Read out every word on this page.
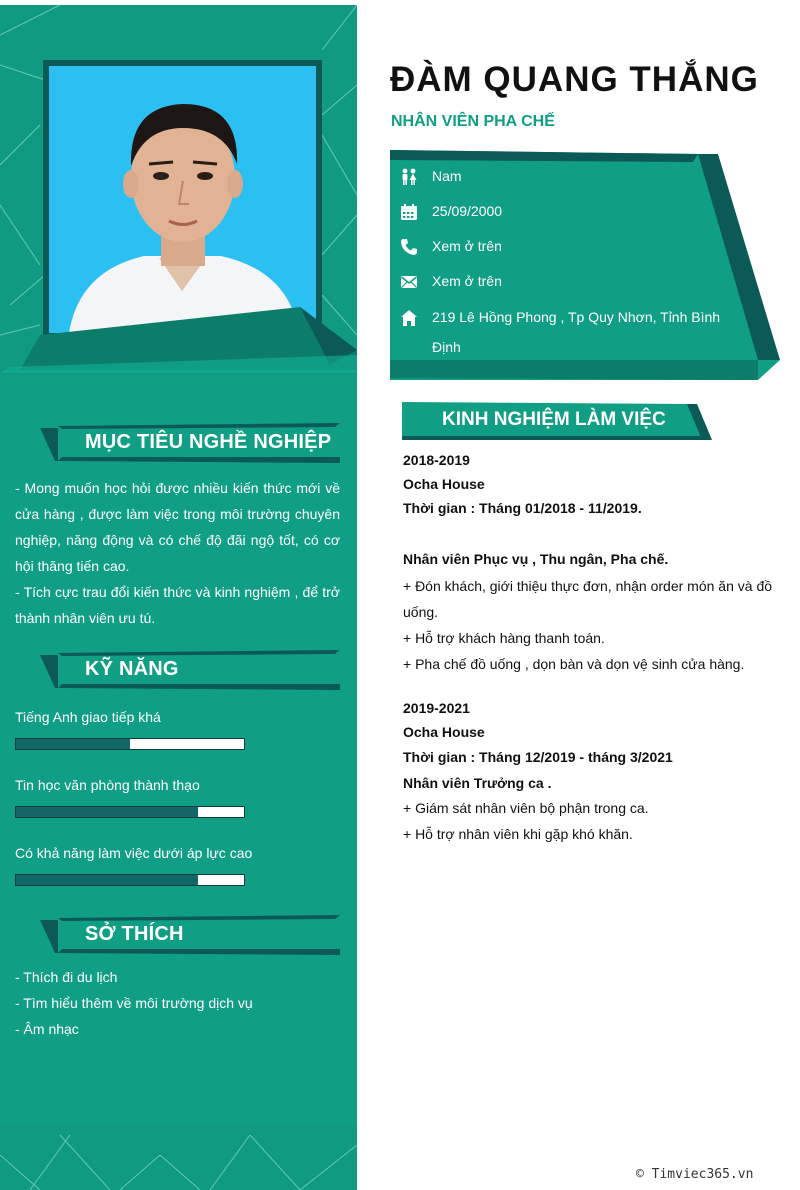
MỤC TIÊU NGHỀ NGHIỆP

- Mong muốn học hỏi được nhiều kiến thức mới về cửa hàng , được làm việc trong môi trường chuyên nghiệp, năng động và có chế độ đãi ngộ tốt, có cơ hội thăng tiến cao.

- Tích cực trau đổi kiến thức và kinh nghiệm , để trở thành nhân viên ưu tú.

KỸ NĂNG
Tiếng Anh giao tiếp khá
Tin học văn phòng thành thạo
Có khả năng làm việc dưới áp lực cao
SỞ THÍCH
- Thích đi du lịch
- Tìm hiểu thêm về môi trường dịch vụ
- Âm nhạc
ĐÀM QUANG THẮNG
NHÂN VIÊN PHA CHẾ
Nam
25/09/2000
Xem ở trên
Xem ở trên
219 Lê Hồng Phong , Tp Quy Nhơn, Tỉnh Bình Định
KINH NGHIỆM LÀM VIỆC
2018-2019
Ocha House
Thời gian : Tháng 01/2018 - 11/2019.
Nhân viên Phục vụ , Thu ngân, Pha chế.
+ Đón khách, giới thiệu thực đơn, nhận order món ăn và đồ uống.
+ Hỗ trợ khách hàng thanh toán.
+ Pha chế đồ uống , dọn bàn và dọn vệ sinh cửa hàng.
2019-2021
Ocha House
Thời gian : Tháng 12/2019 - tháng 3/2021
Nhân viên Trưởng ca .
+ Giám sát nhân viên bộ phận trong ca.
+ Hỗ trợ nhân viên khi gặp khó khăn.
© Timviec365.vn
